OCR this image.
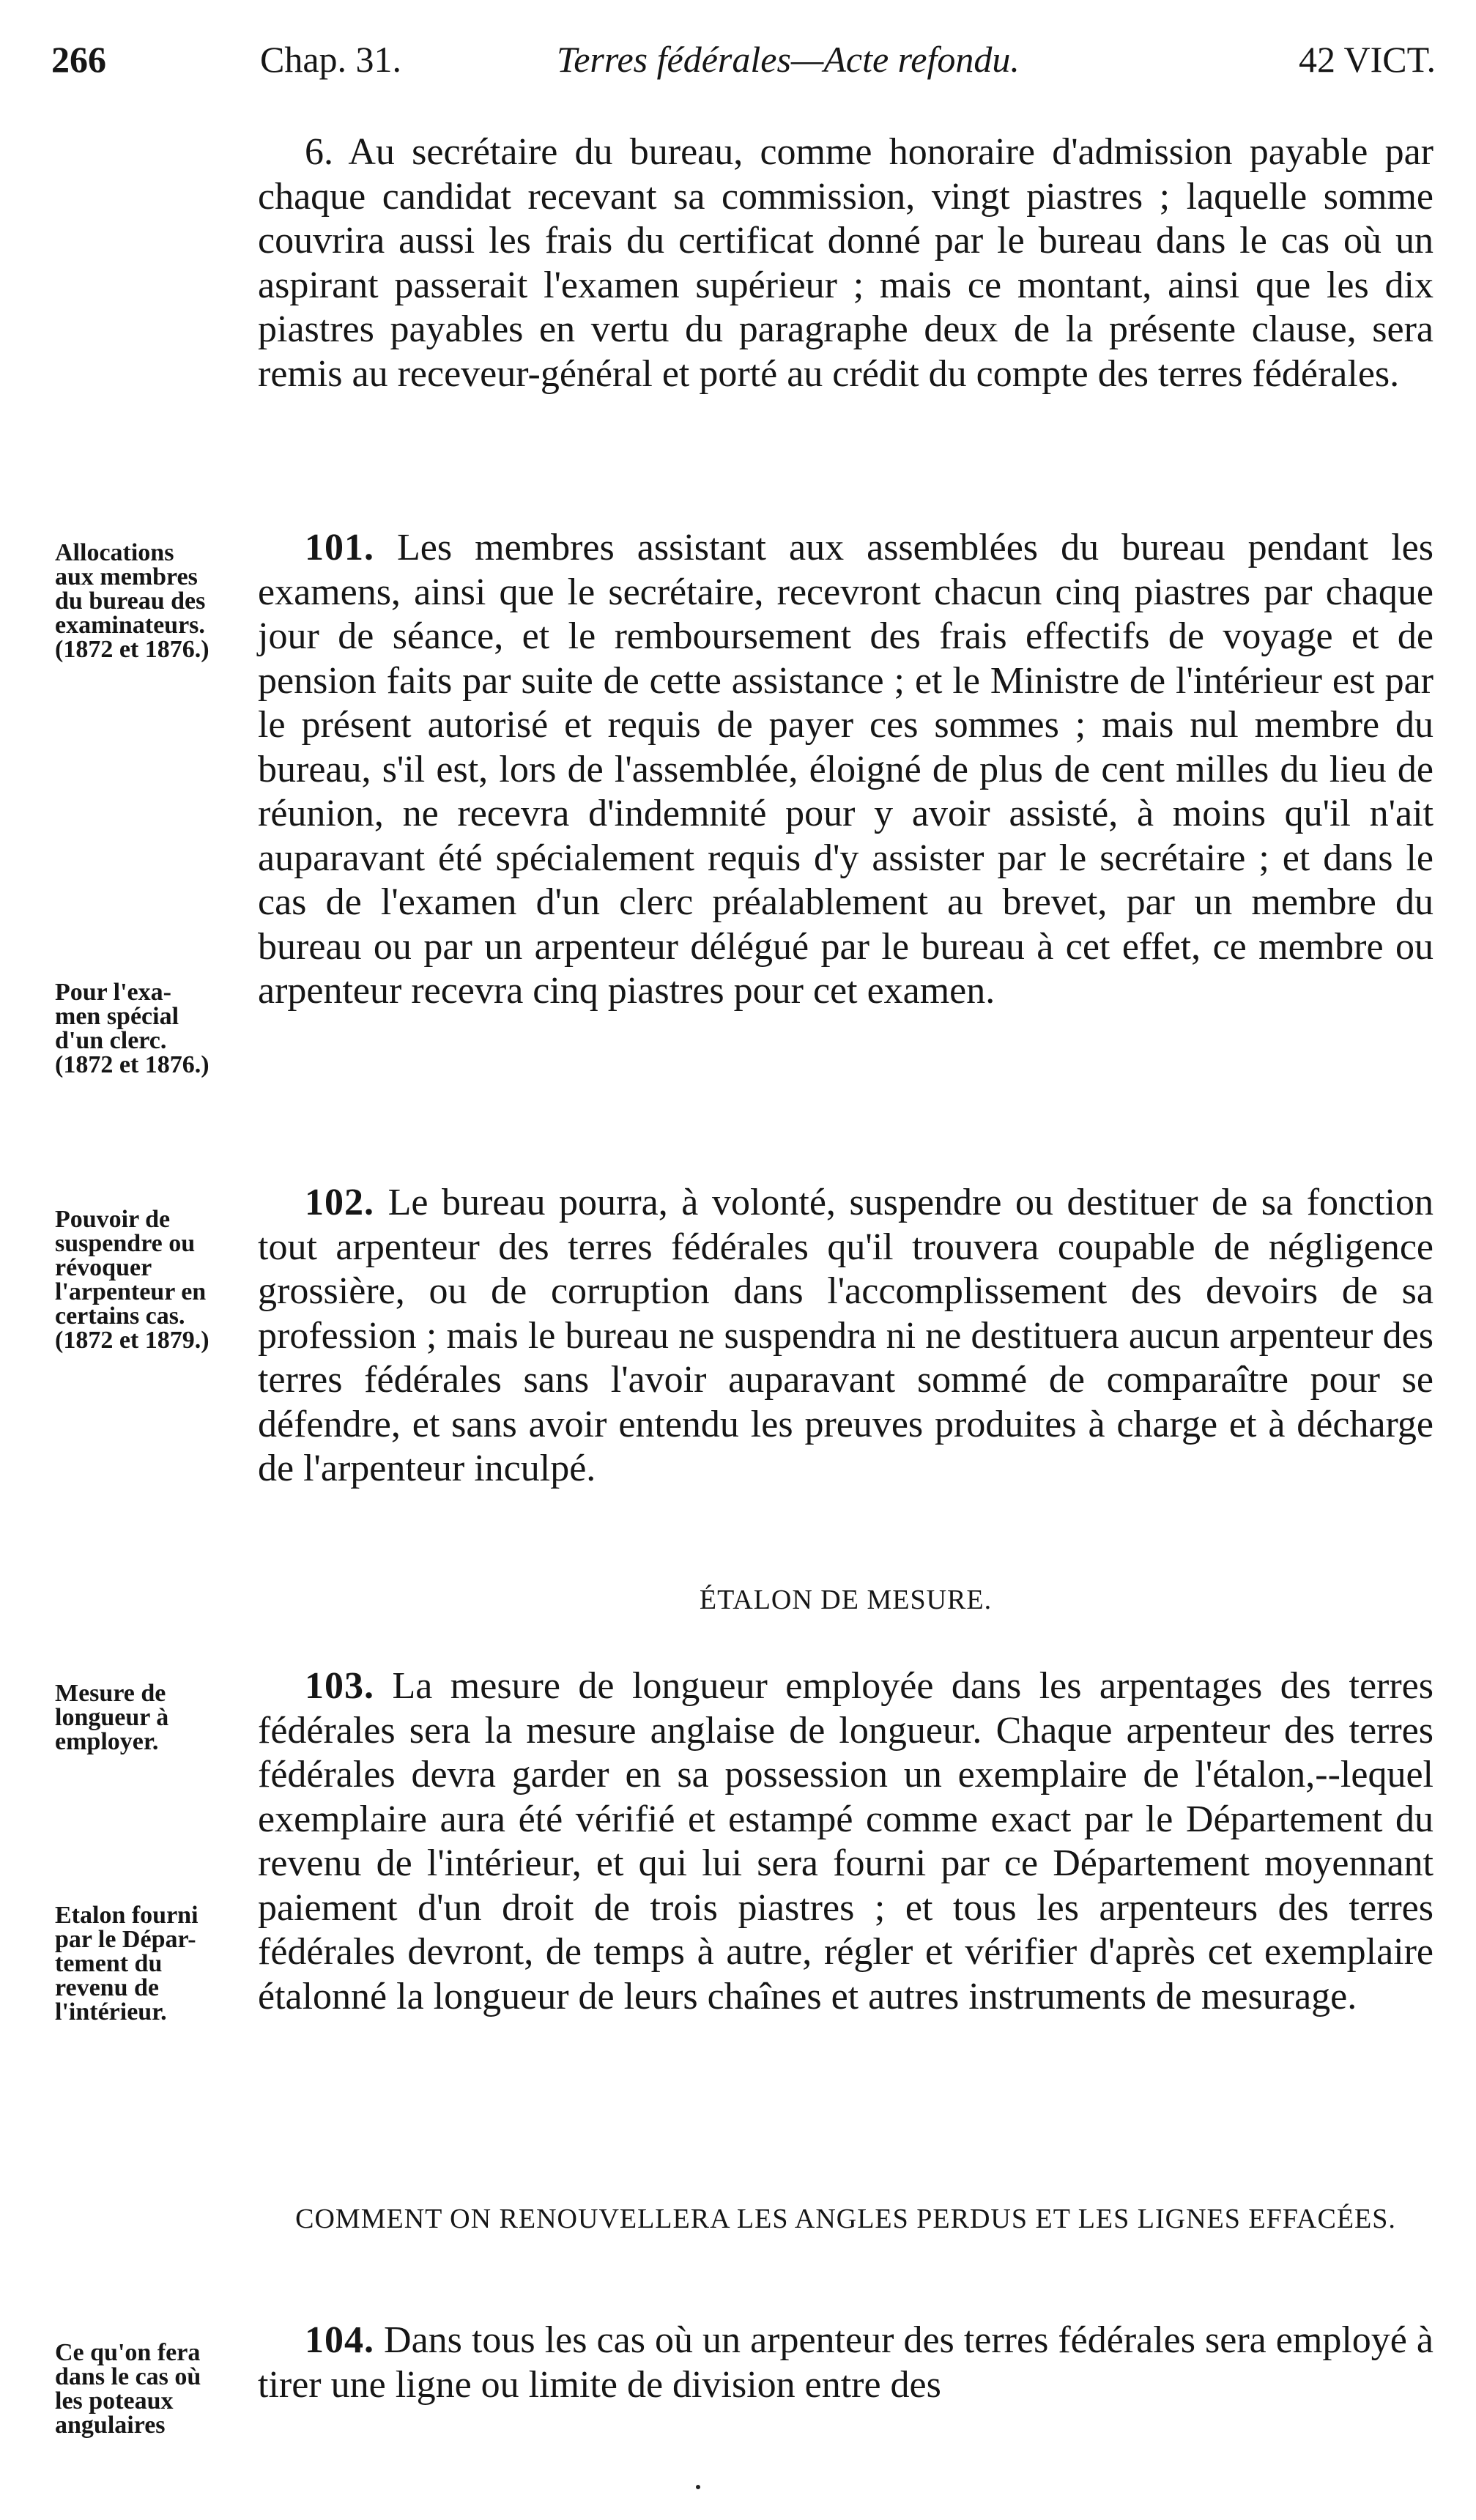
266	Chap. 31.	Terres fédérales—Acte refondu.	42 VICT.

6. Au secrétaire du bureau, comme honoraire d'admission payable par chaque candidat recevant sa commission, vingt piastres ; laquelle somme couvrira aussi les frais du certificat donné par le bureau dans le cas où un aspirant passerait l'examen supérieur ; mais ce montant, ainsi que les dix piastres payables en vertu du paragraphe deux de la présente clause, sera remis au receveur-général et porté au crédit du compte des terres fédérales.

Allocations
aux membres
du bureau des
examinateurs.
(1872 et 1876.)

Pour l'exa-
men spécial
d'un clerc.
(1872 et 1876.)

101. Les membres assistant aux assemblées du bureau pendant les examens, ainsi que le secrétaire, recevront chacun cinq piastres par chaque jour de séance, et le remboursement des frais effectifs de voyage et de pension faits par suite de cette assistance ; et le Ministre de l'intérieur est par le présent autorisé et requis de payer ces sommes ; mais nul membre du bureau, s'il est, lors de l'assemblée, éloigné de plus de cent milles du lieu de réunion, ne recevra d'indemnité pour y avoir assisté, à moins qu'il n'ait auparavant été spécialement requis d'y assister par le secrétaire ; et dans le cas de l'examen d'un clerc préalablement au brevet, par un membre du bureau ou par un arpenteur délégué par le bureau à cet effet, ce membre ou arpenteur recevra cinq piastres pour cet examen.

Pouvoir de
suspendre ou
révoquer
l'arpenteur en
certains cas.
(1872 et 1879.)

102. Le bureau pourra, à volonté, suspendre ou destituer de sa fonction tout arpenteur des terres fédérales qu'il trouvera coupable de négligence grossière, ou de corruption dans l'accomplissement des devoirs de sa profession ; mais le bureau ne suspendra ni ne destituera aucun arpenteur des terres fédérales sans l'avoir auparavant sommé de comparaître pour se défendre, et sans avoir entendu les preuves produites à charge et à décharge de l'arpenteur inculpé.

ÉTALON DE MESURE.

Mesure de
longueur à
employer.

Etalon fourni
par le Dépar-
tement du
revenu de
l'intérieur.

103. La mesure de longueur employée dans les arpentages des terres fédérales sera la mesure anglaise de longueur. Chaque arpenteur des terres fédérales devra garder en sa possession un exemplaire de l'étalon,--lequel exemplaire aura été vérifié et estampé comme exact par le Département du revenu de l'intérieur, et qui lui sera fourni par ce Département moyennant paiement d'un droit de trois piastres ; et tous les arpenteurs des terres fédérales devront, de temps à autre, régler et vérifier d'après cet exemplaire étalonné la longueur de leurs chaînes et autres instruments de mesurage.

COMMENT ON RENOUVELLERA LES ANGLES PERDUS ET LES LIGNES EFFACÉES.

Ce qu'on fera
dans le cas où
les poteaux
angulaires

104. Dans tous les cas où un arpenteur des terres fédérales sera employé à tirer une ligne ou limite de division entre des
